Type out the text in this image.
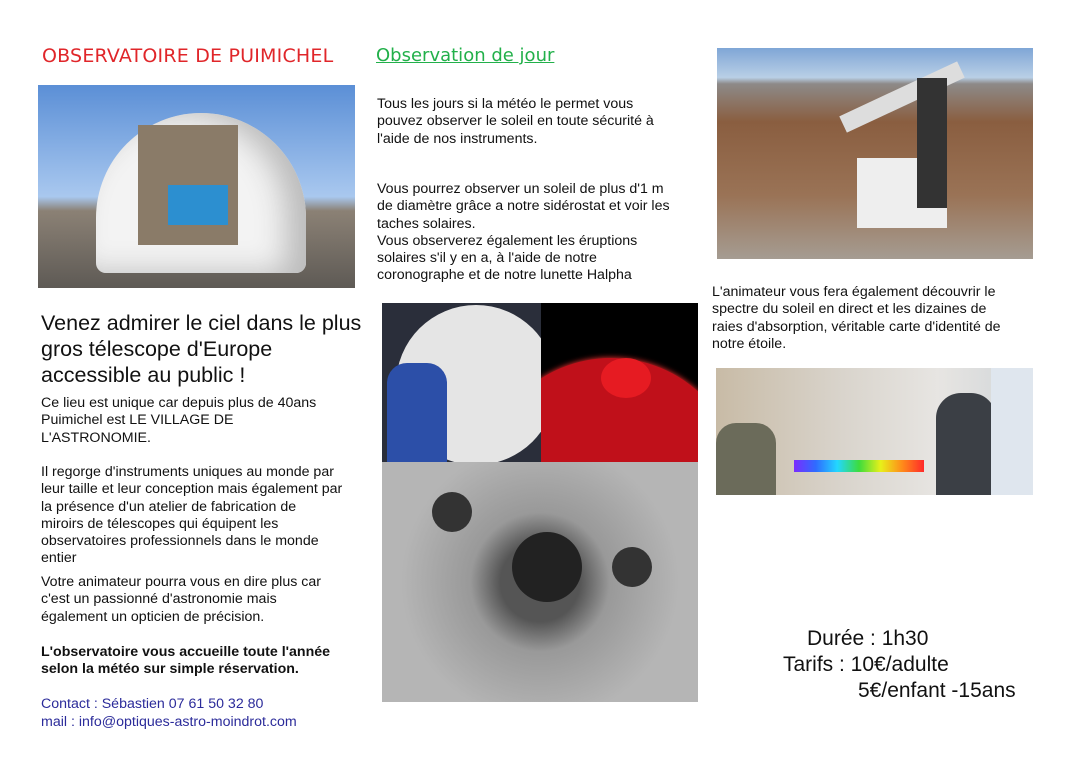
OBSERVATOIRE DE PUIMICHEL Observation de jour
Venez admirer le ciel dans le plus gros télescope d'Europe accessible au public !
Ce lieu est unique car depuis plus de 40ans
Puimichel est LE VILLAGE DE
L'ASTRONOMIE.
Il regorge d'instruments uniques au monde par
leur taille et leur conception mais également par
la présence d'un atelier de fabrication de
miroirs de télescopes qui équipent les
observatoires professionnels dans le monde
entier
Votre animateur pourra vous en dire plus car
c'est un passionné d'astronomie mais
également un opticien de précision.
L'observatoire vous accueille toute l'année
selon la météo sur simple réservation.
Contact : Sébastien 07 61 50 32 80
mail : info@optiques-astro-moindrot.com
Tous les jours si la météo le permet vous
pouvez observer le soleil en toute sécurité à
l'aide de nos instruments.
Vous pourrez observer un soleil de plus d'1 m
de diamètre grâce a notre sidérostat et voir les
taches solaires.
Vous observerez également les éruptions
solaires s'il y en a, à l'aide de notre
coronographe et de notre lunette Halpha
L'animateur vous fera également découvrir le
spectre du soleil en direct et les dizaines de
raies d'absorption, véritable carte d'identité de
notre étoile.
Durée : 1h30
Tarifs : 10€/adulte
5€/enfant -15ans
